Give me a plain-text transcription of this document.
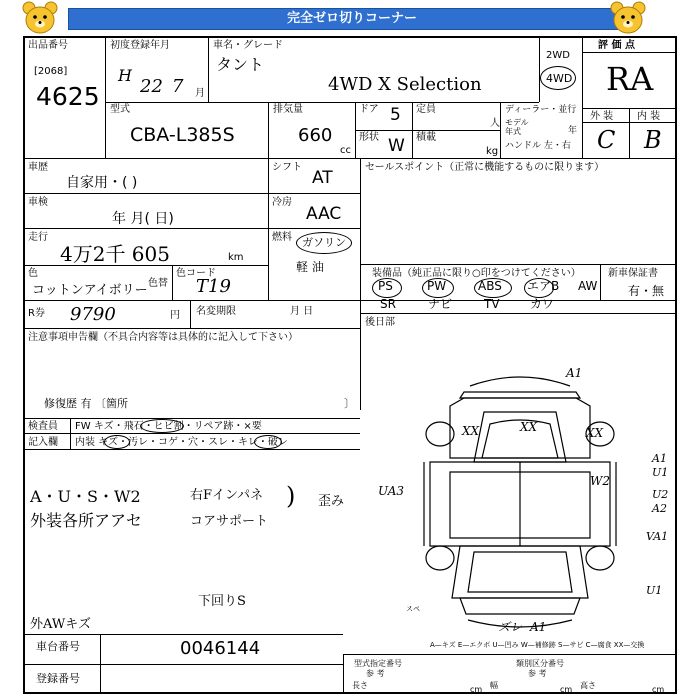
完全ゼロ切りコーナー
出品番号
[2068]
4625
初度登録年月
H
22 7 月
車名・グレード
タント
4WD X Selection
2WD
4WD
評 価 点
RA
外 装 内 装
C B
型式
CBA-L385S
排気量
660
cc
ドア 5
形状 W
定員
人
積載
kg
ディーラー・並行
モデル
年式	年
ハンドル 左・右
車歴
自家用・( )
車検
年 月( 日)
走行
4万2千 605	km
色
コットンアイボリー 色替
色コード
T19
シフト
AT
冷房
AAC
燃料 ガソリン
軽 油
セールスポイント（正常に機能するものに限ります）
装備品（純正品に限り○印をつけてください）	新車保証書
有・無
PS	PW	ABS エアB AW
SR	ナビ	TV	カワ
後日部
R券 9790	円 名変期限	月 日
注意事項申告欄（不具合内容等は具体的に記入して下さい）
修復歴 有 〔箇所	〕
検査員
記入欄
FW キズ・飛石・ヒビ割・リペア跡・×要
内装 キズ・汚レ・コゲ・穴・スレ・キレ・破レ
A・U・S・W2
外装各所アアセ
右Fインパネ
コアサポート
) 歪み
下回りS
外AWキズ
A1
XX	XX	XX
W2
UA3
A1
U1
U2
A2
VA1
U1
ズレ A1
スペ
A—キズ E—エクボ U—凹み W—補修跡 S—サビ C—腐食 XX—交換
車台番号	0046144
登録番号
型式指定番号	類別区分番号
参 考	参 考
長さ	cm 幅	cm 高さ	cm
